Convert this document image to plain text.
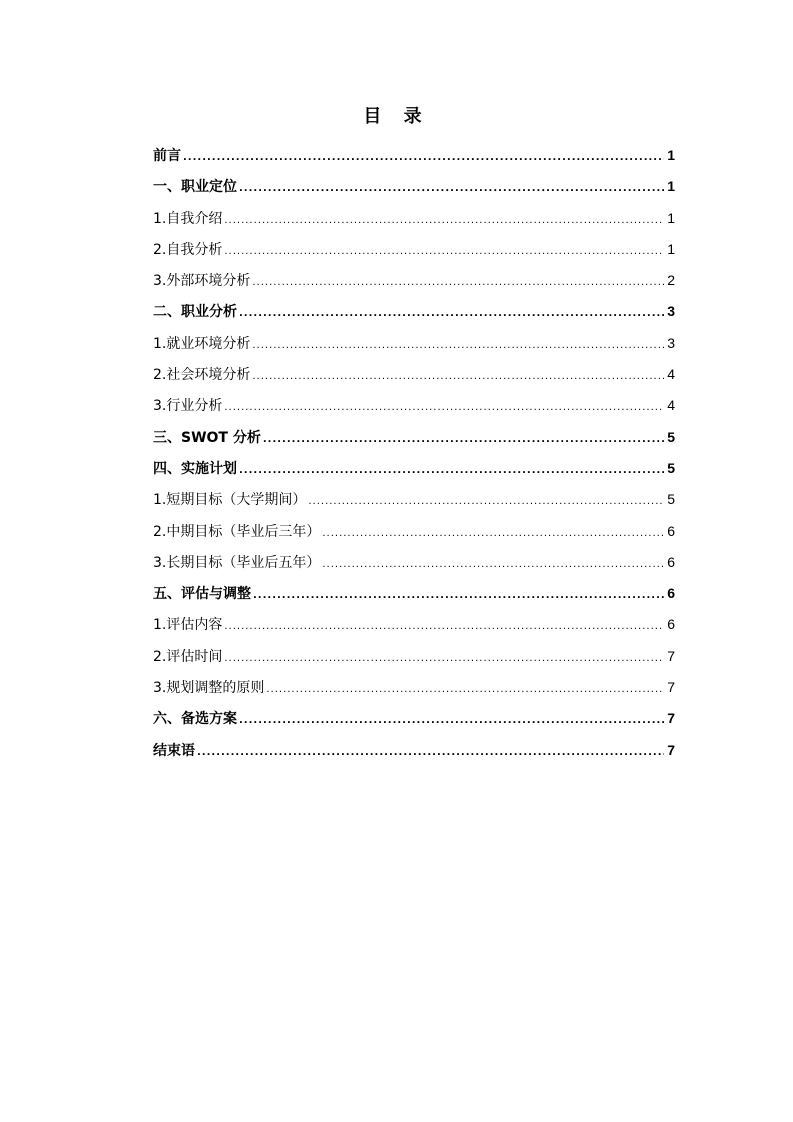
目 录
前言 .....	1
一、职业定位 .....	1
1.自我介绍 .....	1
2.自我分析 .....	1
3.外部环境分析 .....	2
二、职业分析 .....	3
1.就业环境分析 .....	3
2.社会环境分析 .....	4
3.行业分析 .....	4
三、SWOT 分析 .....	5
四、实施计划 .....	5
1.短期目标（大学期间） .....	5
2.中期目标（毕业后三年） .....	6
3.长期目标（毕业后五年） .....	6
五、评估与调整 .....	6
1.评估内容 .....	6
2.评估时间 .....	7
3.规划调整的原则 .....	7
六、备选方案 .....	7
结束语 .....	7
